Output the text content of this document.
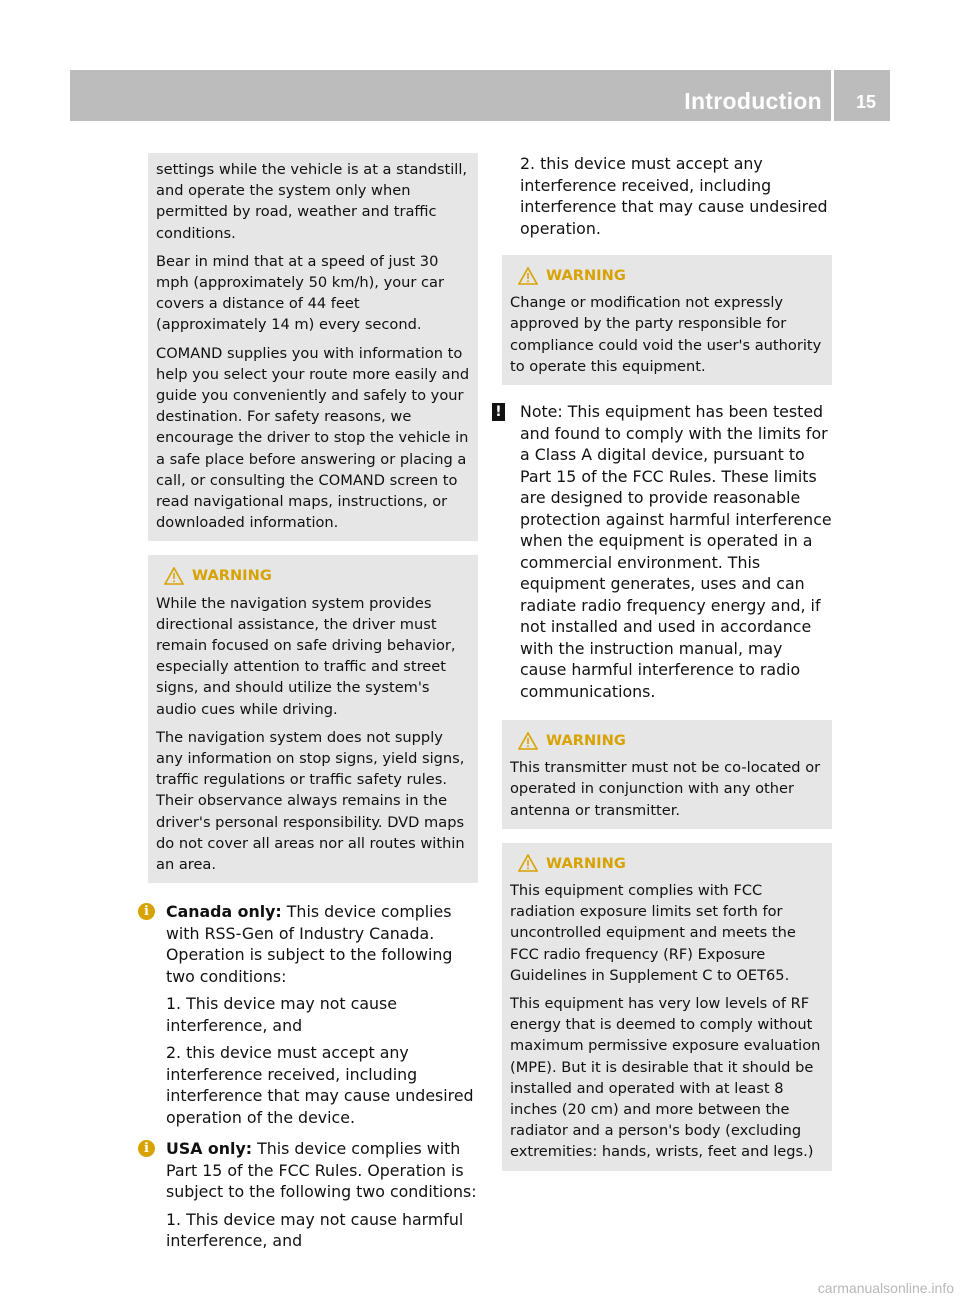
Introduction 15

settings while the vehicle is at a standstill, and operate the system only when permitted by road, weather and traffic conditions.

Bear in mind that at a speed of just 30 mph (approximately 50 km/h), your car covers a distance of 44 feet (approximately 14 m) every second.

COMAND supplies you with information to help you select your route more easily and guide you conveniently and safely to your destination. For safety reasons, we encourage the driver to stop the vehicle in a safe place before answering or placing a call, or consulting the COMAND screen to read navigational maps, instructions, or downloaded information.

WARNING

While the navigation system provides directional assistance, the driver must remain focused on safe driving behavior, especially attention to traffic and street signs, and should utilize the system's audio cues while driving.

The navigation system does not supply any information on stop signs, yield signs, traffic regulations or traffic safety rules. Their observance always remains in the driver's personal responsibility. DVD maps do not cover all areas nor all routes within an area.

i	Canada only: This device complies with RSS-Gen of Industry Canada. Operation is subject to the following two conditions:

1. This device may not cause interference, and

2. this device must accept any interference received, including interference that may cause undesired operation of the device.

i	USA only: This device complies with Part 15 of the FCC Rules. Operation is subject to the following two conditions:

1. This device may not cause harmful interference, and

2. this device must accept any interference received, including interference that may cause undesired operation.

WARNING

Change or modification not expressly approved by the party responsible for compliance could void the user's authority to operate this equipment.

! Note: This equipment has been tested and found to comply with the limits for a Class A digital device, pursuant to Part 15 of the FCC Rules. These limits are designed to provide reasonable protection against harmful interference when the equipment is operated in a commercial environment. This equipment generates, uses and can radiate radio frequency energy and, if not installed and used in accordance with the instruction manual, may cause harmful interference to radio communications.

WARNING

This transmitter must not be co-located or operated in conjunction with any other antenna or transmitter.

WARNING

This equipment complies with FCC radiation exposure limits set forth for uncontrolled equipment and meets the FCC radio frequency (RF) Exposure Guidelines in Supplement C to OET65.

This equipment has very low levels of RF energy that is deemed to comply without maximum permissive exposure evaluation (MPE). But it is desirable that it should be installed and operated with at least 8 inches (20 cm) and more between the radiator and a person's body (excluding extremities: hands, wrists, feet and legs.)

carmanualsonline.info
